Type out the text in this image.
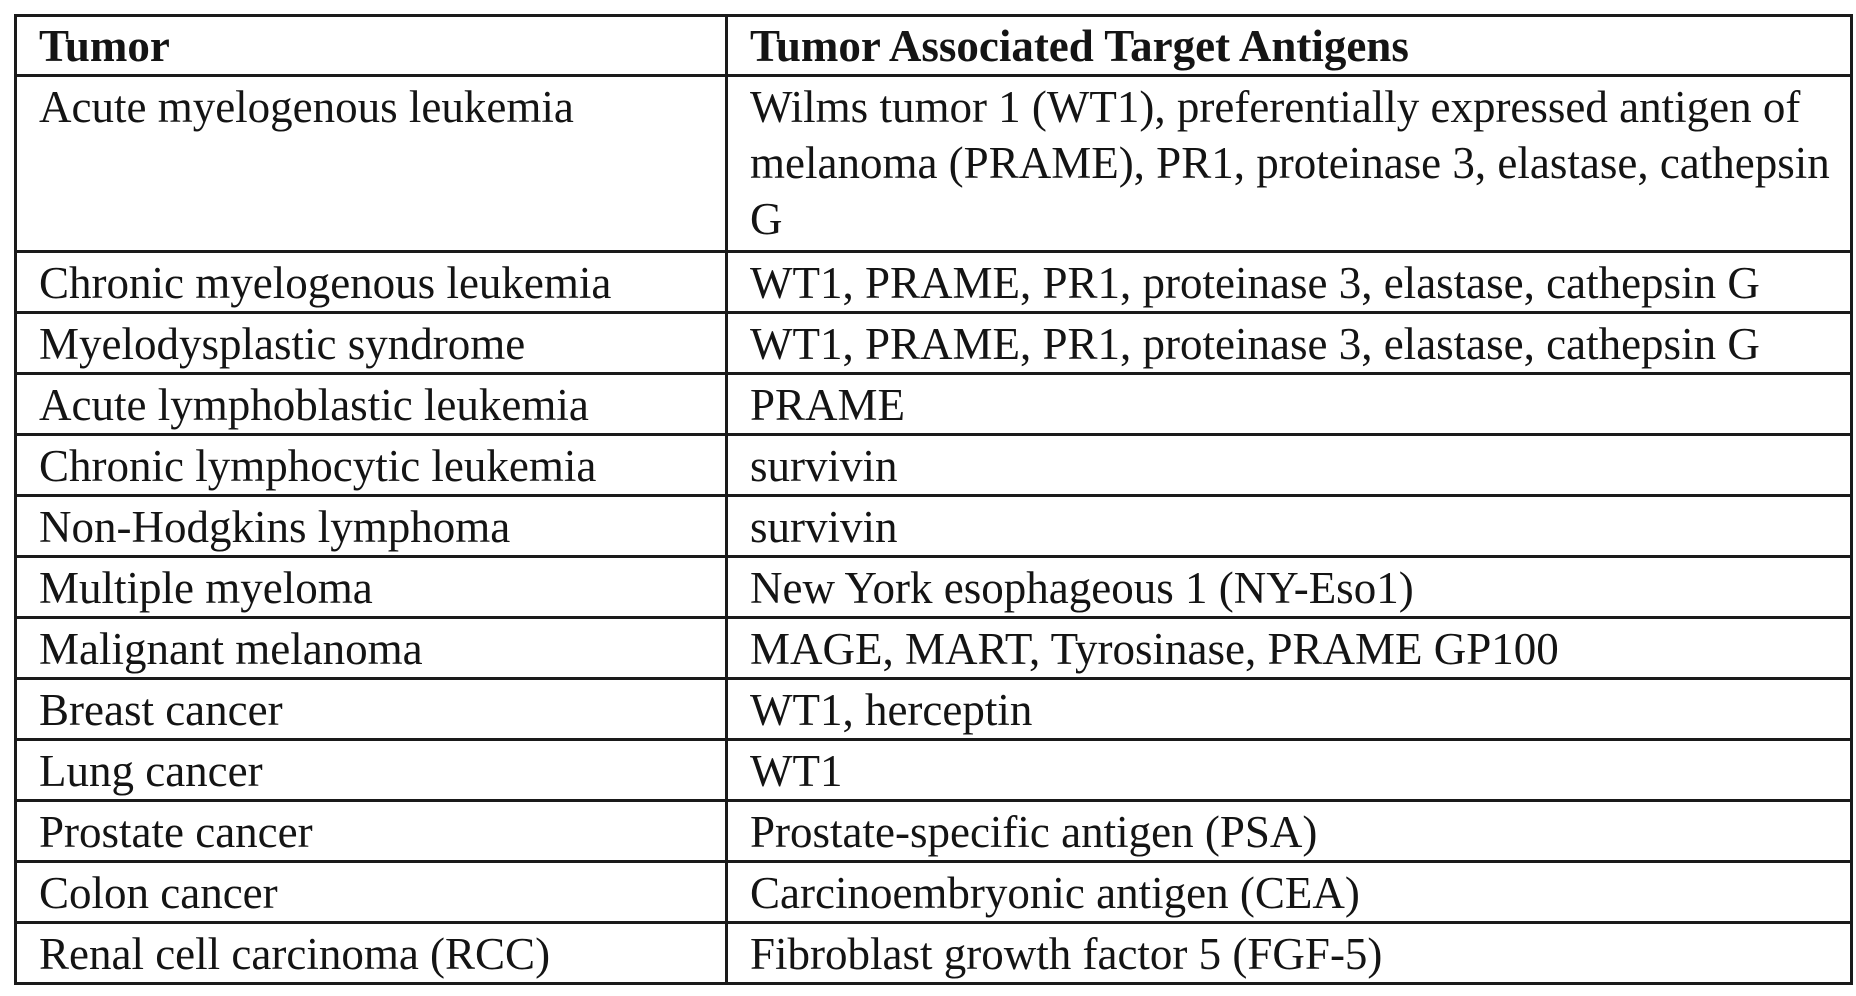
Tumor	Tumor Associated Target Antigens
Acute myelogenous leukemia	Wilms tumor 1 (WT1), preferentially expressed antigen of melanoma (PRAME), PR1, proteinase 3, elastase, cathepsin G
Chronic myelogenous leukemia	WT1, PRAME, PR1, proteinase 3, elastase, cathepsin G
Myelodysplastic syndrome	WT1, PRAME, PR1, proteinase 3, elastase, cathepsin G
Acute lymphoblastic leukemia	PRAME
Chronic lymphocytic leukemia	survivin
Non-Hodgkins lymphoma	survivin
Multiple myeloma	New York esophageous 1 (NY-Eso1)
Malignant melanoma	MAGE, MART, Tyrosinase, PRAME GP100
Breast cancer	WT1, herceptin
Lung cancer	WT1
Prostate cancer	Prostate-specific antigen (PSA)
Colon cancer	Carcinoembryonic antigen (CEA)
Renal cell carcinoma (RCC)	Fibroblast growth factor 5 (FGF-5)
